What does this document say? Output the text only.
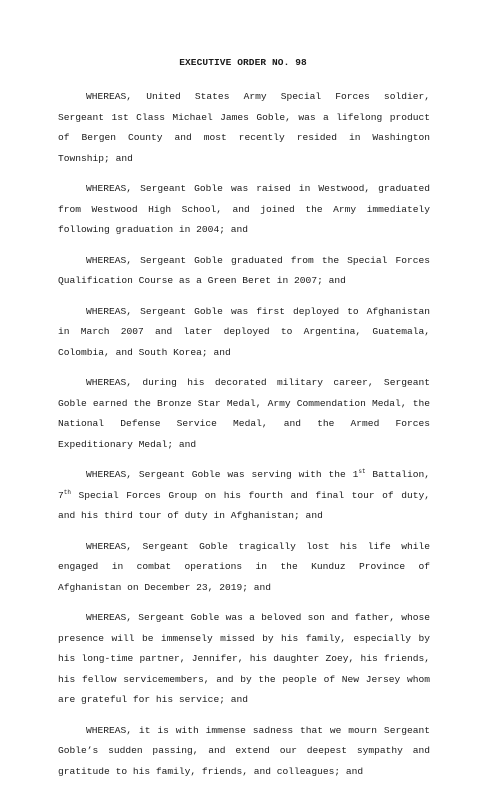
EXECUTIVE ORDER NO. 98

WHEREAS, United States Army Special Forces soldier, Sergeant 1st Class Michael James Goble, was a lifelong product of Bergen County and most recently resided in Washington Township; and

WHEREAS, Sergeant Goble was raised in Westwood, graduated from Westwood High School, and joined the Army immediately following graduation in 2004; and

WHEREAS, Sergeant Goble graduated from the Special Forces Qualification Course as a Green Beret in 2007; and

WHEREAS, Sergeant Goble was first deployed to Afghanistan in March 2007 and later deployed to Argentina, Guatemala, Colombia, and South Korea; and

WHEREAS, during his decorated military career, Sergeant Goble earned the Bronze Star Medal, Army Commendation Medal, the National Defense Service Medal, and the Armed Forces Expeditionary Medal; and

WHEREAS, Sergeant Goble was serving with the 1st Battalion, 7th Special Forces Group on his fourth and final tour of duty, and his third tour of duty in Afghanistan; and

WHEREAS, Sergeant Goble tragically lost his life while engaged in combat operations in the Kunduz Province of Afghanistan on December 23, 2019; and

WHEREAS, Sergeant Goble was a beloved son and father, whose presence will be immensely missed by his family, especially by his long-time partner, Jennifer, his daughter Zoey, his friends, his fellow servicemembers, and by the people of New Jersey whom are grateful for his service; and

WHEREAS, it is with immense sadness that we mourn Sergeant Goble’s sudden passing, and extend our deepest sympathy and gratitude to his family, friends, and colleagues; and
